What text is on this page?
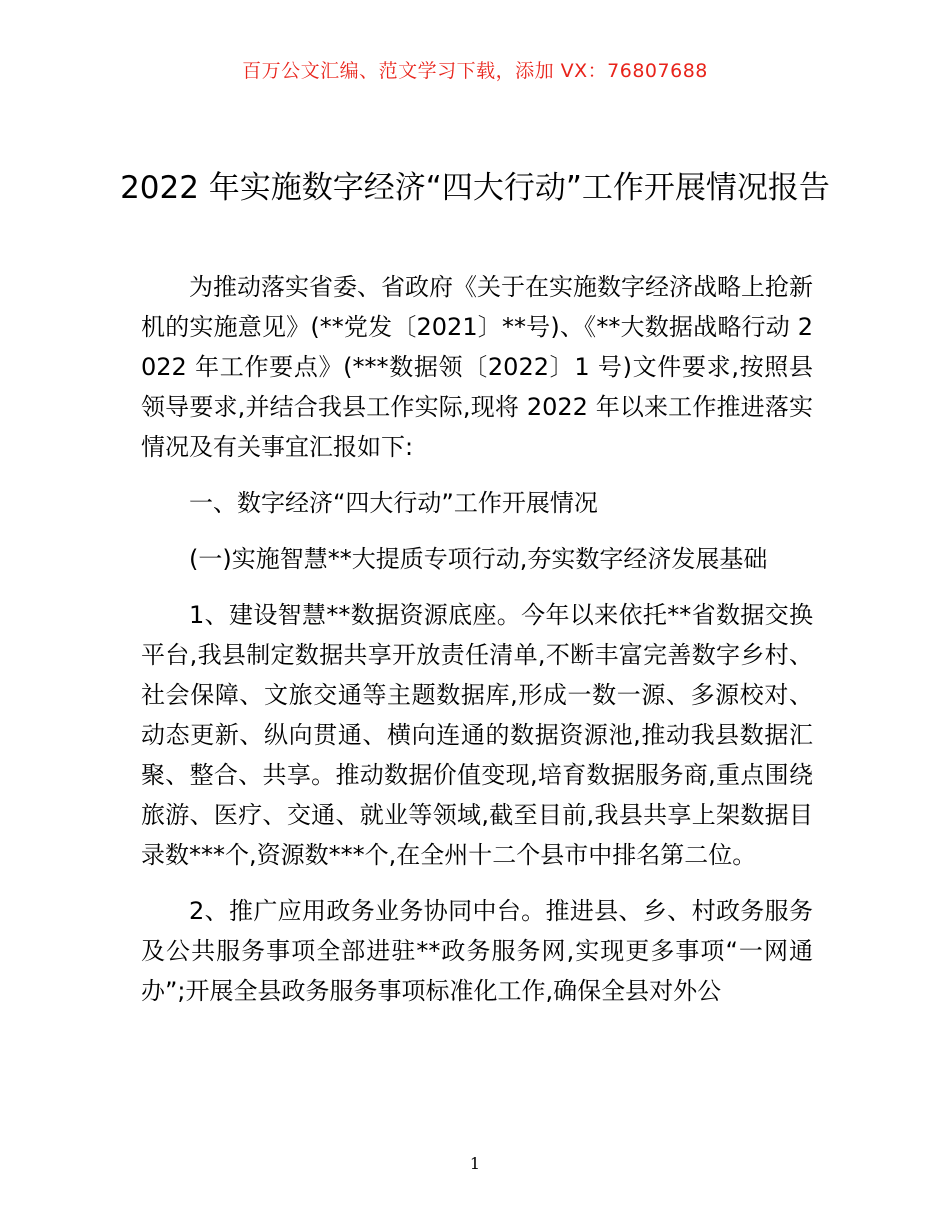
百万公文汇编、范文学习下载，添加 VX：76807688
2022 年实施数字经济“四大行动”工作开展情况报告

为推动落实省委、省政府《关于在实施数字经济战略上抢新机的实施意见》(**党发〔2021〕**号)、《**大数据战略行动 2022 年工作要点》(***数据领〔2022〕1 号)文件要求,按照县领导要求,并结合我县工作实际,现将 2022 年以来工作推进落实情况及有关事宜汇报如下:

一、数字经济“四大行动”工作开展情况

(一)实施智慧**大提质专项行动,夯实数字经济发展基础

1、建设智慧**数据资源底座。今年以来依托**省数据交换平台,我县制定数据共享开放责任清单,不断丰富完善数字乡村、社会保障、文旅交通等主题数据库,形成一数一源、多源校对、动态更新、纵向贯通、横向连通的数据资源池,推动我县数据汇聚、整合、共享。推动数据价值变现,培育数据服务商,重点围绕旅游、医疗、交通、就业等领域,截至目前,我县共享上架数据目录数***个,资源数***个,在全州十二个县市中排名第二位。

2、推广应用政务业务协同中台。推进县、乡、村政务服务及公共服务事项全部进驻**政务服务网,实现更多事项“一网通办”;开展全县政务服务事项标准化工作,确保全县对外公

1
